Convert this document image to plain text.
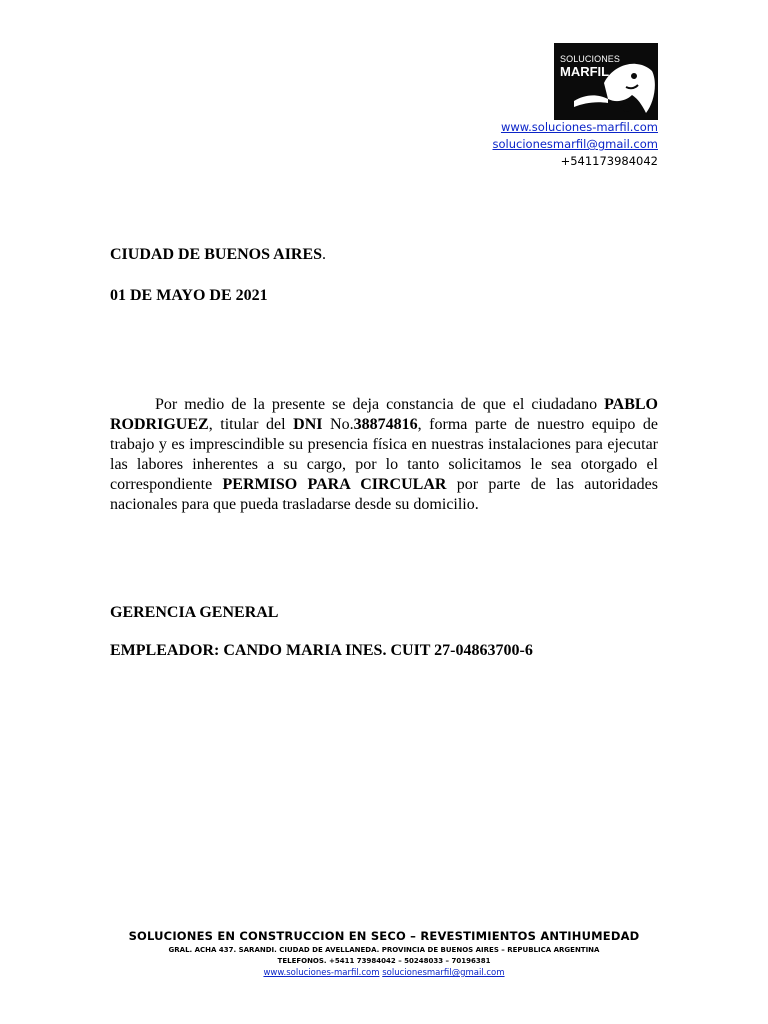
SOLUCIONES
MARFIL
www.soluciones-marfil.com
solucionesmarfil@gmail.com
+541173984042
CIUDAD DE BUENOS AIRES.
01 DE MAYO DE 2021
Por medio de la presente se deja constancia de que el ciudadano PABLO RODRIGUEZ, titular del DNI No.38874816, forma parte de nuestro equipo de trabajo y es imprescindible su presencia física en nuestras instalaciones para ejecutar las labores inherentes a su cargo, por lo tanto solicitamos le sea otorgado el correspondiente PERMISO PARA CIRCULAR por parte de las autoridades nacionales para que pueda trasladarse desde su domicilio.
GERENCIA GENERAL
EMPLEADOR: CANDO MARIA INES. CUIT 27-04863700-6
SOLUCIONES EN CONSTRUCCION EN SECO – REVESTIMIENTOS ANTIHUMEDAD
GRAL. ACHA 437. SARANDI. CIUDAD DE AVELLANEDA. PROVINCIA DE BUENOS AIRES – REPUBLICA ARGENTINA
TELEFONOS. +5411 73984042 – 50248033 – 70196381
www.soluciones-marfil.com solucionesmarfil@gmail.com
